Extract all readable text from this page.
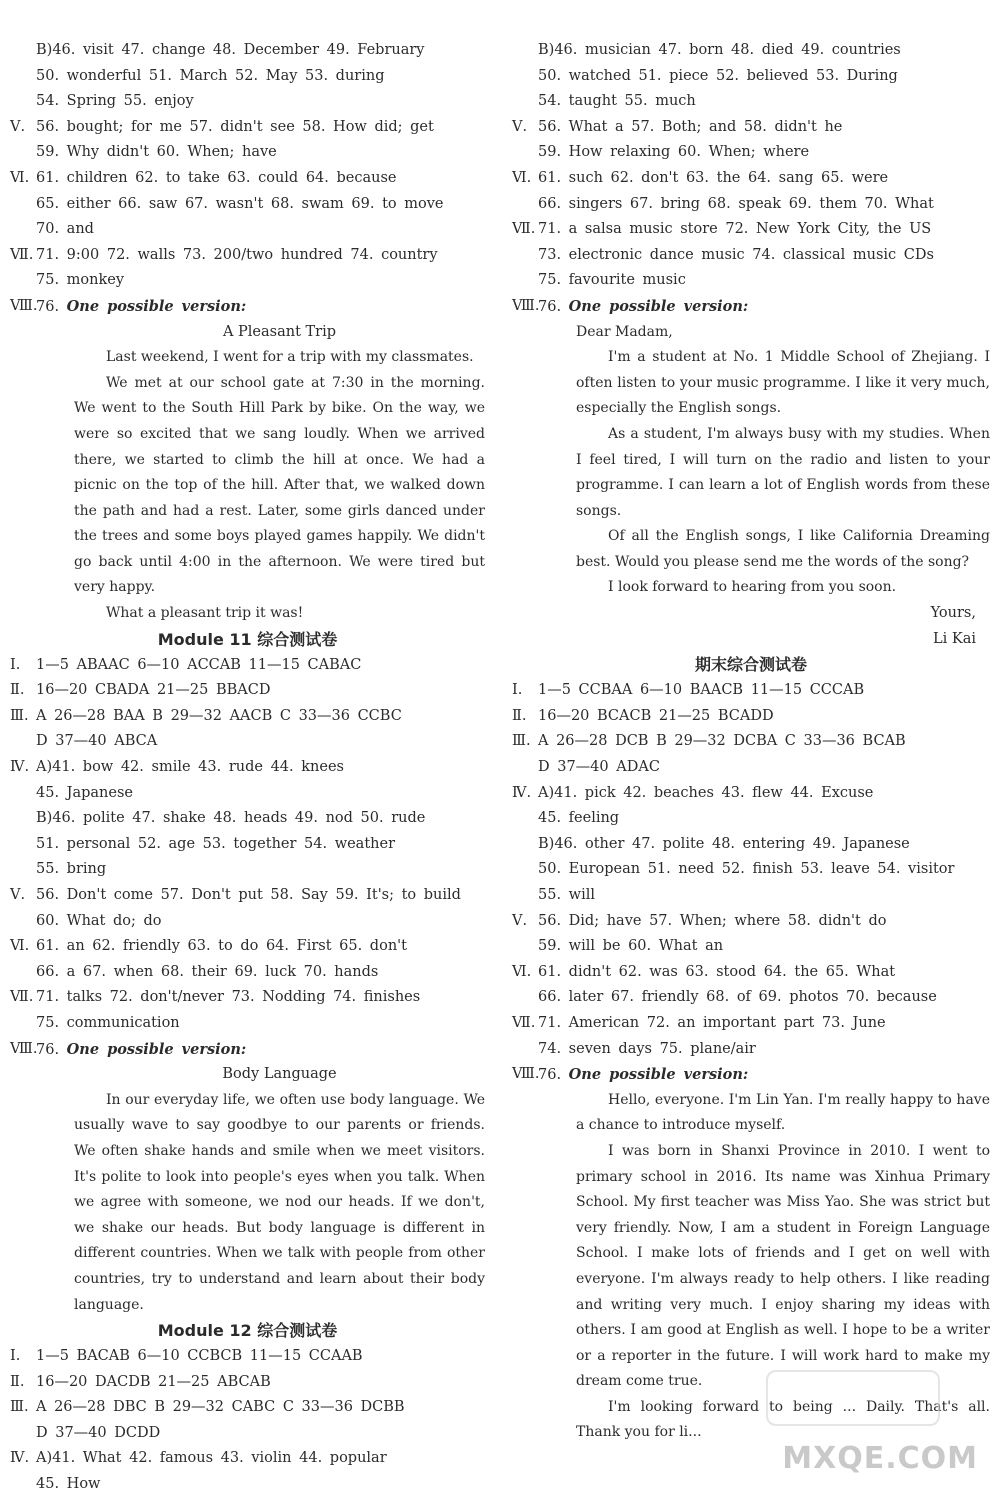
B)46. visit 47. change 48. December 49. February
50. wonderful 51. March 52. May 53. during
54. Spring 55. enjoy
Ⅴ. 56. bought; for me 57. didn't see 58. How did; get
59. Why didn't 60. When; have
Ⅵ. 61. children 62. to take 63. could 64. because
65. either 66. saw 67. wasn't 68. swam 69. to move
70. and
Ⅶ. 71. 9:00 72. walls 73. 200/two hundred 74. country
75. monkey
Ⅷ.
76. One possible version:
A Pleasant Trip

Last weekend, I went for a trip with my classmates.

We met at our school gate at 7:30 in the morning. We went to the South Hill Park by bike. On the way, we were so excited that we sang loudly. When we arrived there, we started to climb the hill at once. We had a picnic on the top of the hill. After that, we walked down the path and had a rest. Later, some girls danced under the trees and some boys played games happily. We didn't go back until 4:00 in the afternoon. We were tired but very happy.

What a pleasant trip it was!

Module 11 综合测试卷
Ⅰ.	1—5 ABAAC 6—10 ACCAB 11—15 CABAC
Ⅱ. 16—20 CBADA 21—25 BBACD
Ⅲ. A 26—28 BAA B 29—32 AACB C 33—36 CCBC
D 37—40 ABCA
Ⅳ. A)41. bow 42. smile 43. rude 44. knees
45. Japanese
B)46. polite 47. shake 48. heads 49. nod 50. rude
51. personal 52. age 53. together 54. weather
55. bring
Ⅴ. 56. Don't come 57. Don't put 58. Say 59. It's; to build
60. What do; do
Ⅵ. 61. an 62. friendly 63. to do 64. First 65. don't
66. a 67. when 68. their 69. luck 70. hands
Ⅶ. 71. talks 72. don't/never 73. Nodding 74. finishes
75. communication
Ⅷ.
76. One possible version:
Body Language

In our everyday life, we often use body language. We usually wave to say goodbye to our parents or friends. We often shake hands and smile when we meet visitors. It's polite to look into people's eyes when you talk. When we agree with someone, we nod our heads. If we don't, we shake our heads. But body language is different in different countries. When we talk with people from other countries, try to understand and learn about their body language.

Module 12 综合测试卷
Ⅰ.	1—5 BACAB 6—10 CCBCB 11—15 CCAAB
Ⅱ. 16—20 DACDB 21—25 ABCAB
Ⅲ. A 26—28 DBC B 29—32 CABC C 33—36 DCBB
D 37—40 DCDD
Ⅳ. A)41. What 42. famous 43. violin 44. popular
45. How
B)46. musician 47. born 48. died 49. countries
50. watched 51. piece 52. believed 53. During
54. taught 55. much
Ⅴ. 56. What a 57. Both; and 58. didn't he
59. How relaxing 60. When; where
Ⅵ. 61. such 62. don't 63. the 64. sang 65. were
66. singers 67. bring 68. speak 69. them 70. What
Ⅶ. 71. a salsa music store 72. New York City, the US
73. electronic dance music 74. classical music CDs
75. favourite music
Ⅷ.
76. One possible version:

Dear Madam,

I'm a student at No. 1 Middle School of Zhejiang. I often listen to your music programme. I like it very much, especially the English songs.

As a student, I'm always busy with my studies. When I feel tired, I will turn on the radio and listen to your programme. I can learn a lot of English words from these songs.

Of all the English songs, I like California Dreaming best. Would you please send me the words of the song?

I look forward to hearing from you soon.

Yours,
Li Kai
期末综合测试卷
Ⅰ.	1—5 CCBAA 6—10 BAACB 11—15 CCCAB
Ⅱ. 16—20 BCACB 21—25 BCADD
Ⅲ. A 26—28 DCB B 29—32 DCBA C 33—36 BCAB
D 37—40 ADAC
Ⅳ. A)41. pick 42. beaches 43. flew 44. Excuse
45. feeling
B)46. other 47. polite 48. entering 49. Japanese
50. European 51. need 52. finish 53. leave 54. visitor
55. will
Ⅴ. 56. Did; have 57. When; where 58. didn't do
59. will be 60. What an
Ⅵ. 61. didn't 62. was 63. stood 64. the 65. What
66. later 67. friendly 68. of 69. photos 70. because
Ⅶ. 71. American 72. an important part 73. June
74. seven days 75. plane/air
Ⅷ.
76. One possible version:

Hello, everyone. I'm Lin Yan. I'm really happy to have a chance to introduce myself.

I was born in Shanxi Province in 2010. I went to primary school in 2016. Its name was Xinhua Primary School. My first teacher was Miss Yao. She was strict but very friendly. Now, I am a student in Foreign Language School. I make lots of friends and I get on well with everyone. I'm always ready to help others. I like reading and writing very much. I enjoy sharing my ideas with others. I am good at English as well. I hope to be a writer or a reporter in the future. I will work hard to make my dream come true.

I'm looking forward to being ... Daily. That's all. Thank you for li...

MXQE.COM
